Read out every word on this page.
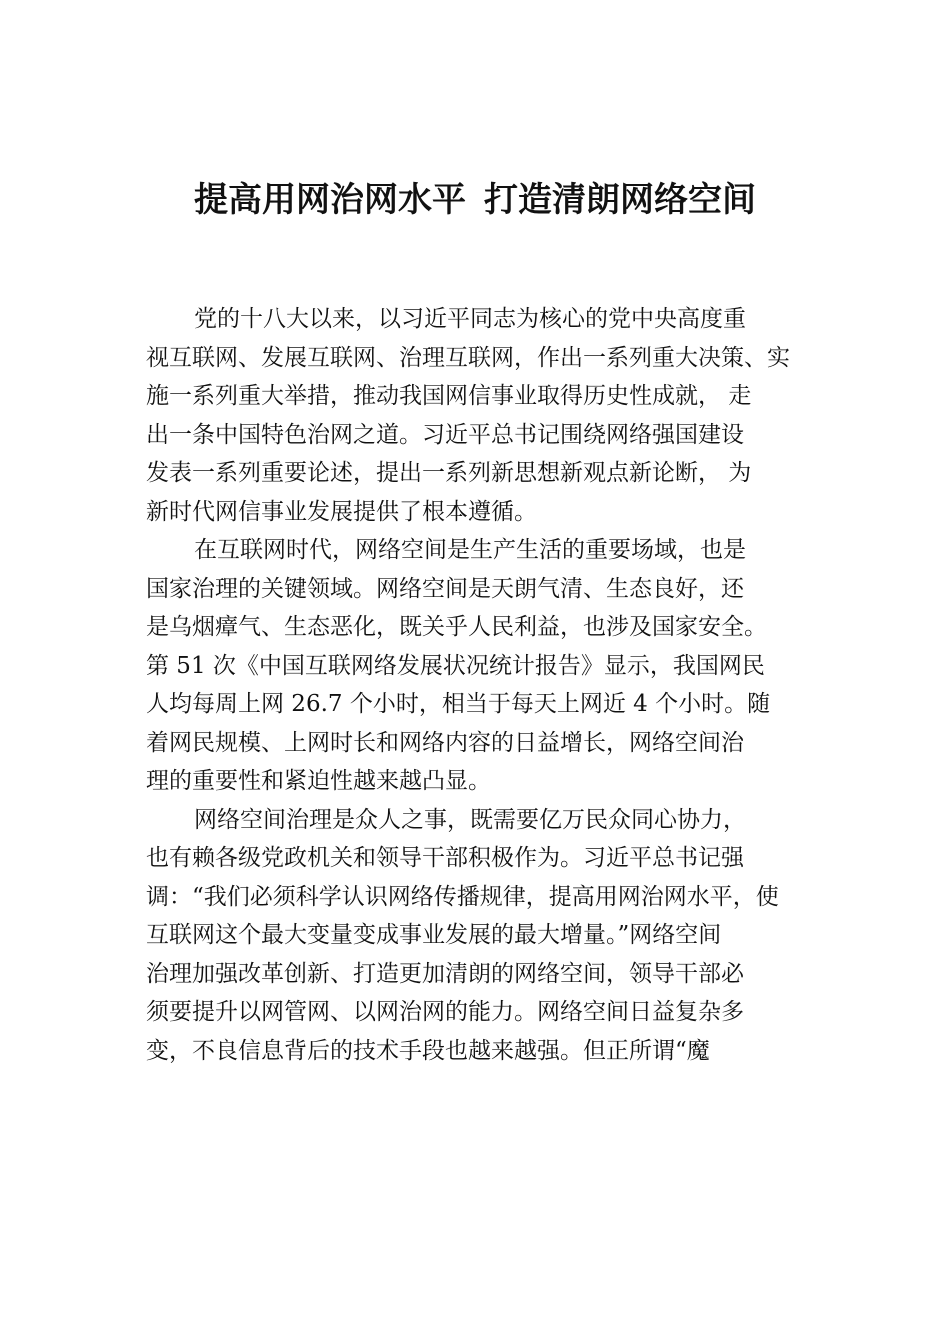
提高用网治网水平 打造清朗网络空间
党的十八大以来，以习近平同志为核心的党中央高度重
视互联网、发展互联网、治理互联网，作出一系列重大决策、实
施一系列重大举措，推动我国网信事业取得历史性成就， 走
出一条中国特色治网之道。习近平总书记围绕网络强国建设
发表一系列重要论述，提出一系列新思想新观点新论断， 为
新时代网信事业发展提供了根本遵循。
在互联网时代，网络空间是生产生活的重要场域，也是
国家治理的关键领域。网络空间是天朗气清、生态良好，还
是乌烟瘴气、生态恶化，既关乎人民利益，也涉及国家安全。
第 51 次《中国互联网络发展状况统计报告》显示，我国网民
人均每周上网 26.7 个小时，相当于每天上网近 4 个小时。随
着网民规模、上网时长和网络内容的日益增长，网络空间治
理的重要性和紧迫性越来越凸显。
网络空间治理是众人之事，既需要亿万民众同心协力，
也有赖各级党政机关和领导干部积极作为。习近平总书记强
调：“我们必须科学认识网络传播规律，提高用网治网水平，使
互联网这个最大变量变成事业发展的最大增量。”网络空间
治理加强改革创新、打造更加清朗的网络空间，领导干部必
须要提升以网管网、以网治网的能力。网络空间日益复杂多
变，不良信息背后的技术手段也越来越强。但正所谓“魔
